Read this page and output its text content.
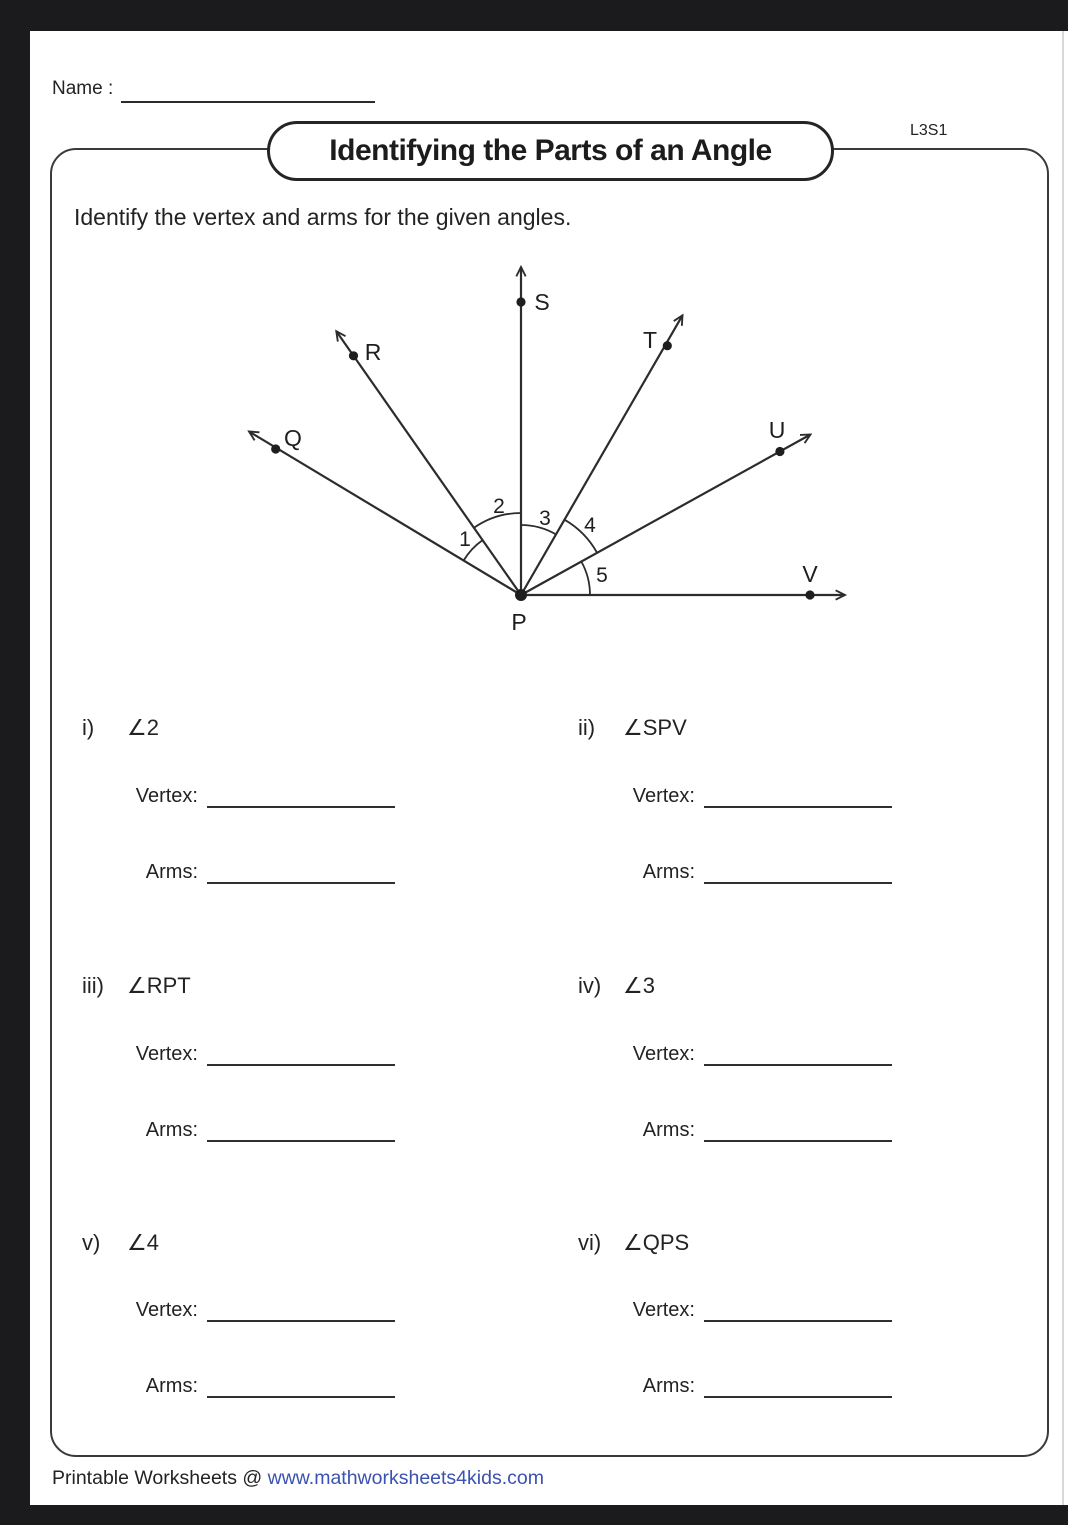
Name :
Identifying the Parts of an Angle
L3S1
Identify the vertex and arms for the given angles.
Q
R
S
T
U
V
P
1
2
3 4
5
i)	∠2
Vertex:
Arms:
ii)	∠SPV
Vertex:
Arms:
iii)	∠RPT
Vertex:
Arms:
iv) ∠3
Vertex:
Arms:
v)	∠4
Vertex:
Arms:
vi) ∠QPS
Vertex:
Arms:
Printable Worksheets @ www.mathworksheets4kids.com
